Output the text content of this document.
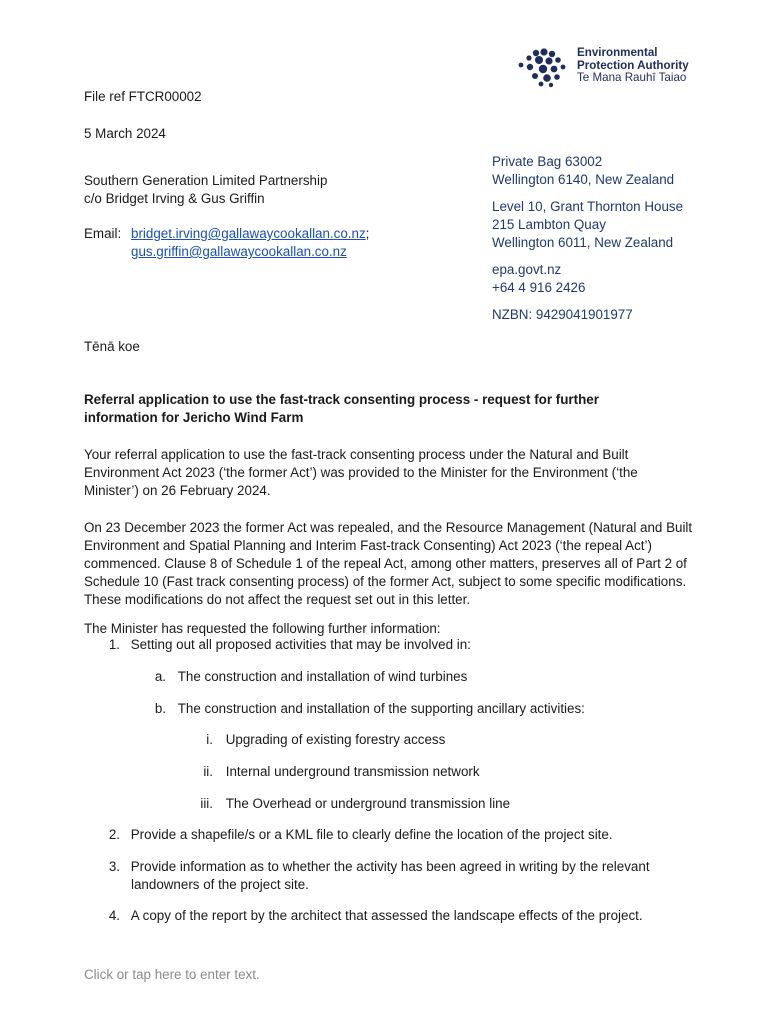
Environmental
Protection Authority
Te Mana Rauhī Taiao
File ref FTCR00002
5 March 2024
Private Bag 63002
Wellington 6140, New Zealand
Level 10, Grant Thornton House
215 Lambton Quay
Wellington 6011, New Zealand
epa.govt.nz
+64 4 916 2426
NZBN: 9429041901977
Southern Generation Limited Partnership
c/o Bridget Irving & Gus Griffin
Email: bridget.irving@gallawaycookallan.co.nz;
gus.griffin@gallawaycookallan.co.nz
Tēnā koe
Referral application to use the fast-track consenting process - request for further information for Jericho Wind Farm

Your referral application to use the fast-track consenting process under the Natural and Built Environment Act 2023 (‘the former Act’) was provided to the Minister for the Environment (‘the Minister’) on 26 February 2024.

On 23 December 2023 the former Act was repealed, and the Resource Management (Natural and Built Environment and Spatial Planning and Interim Fast-track Consenting) Act 2023 (‘the repeal Act’) commenced. Clause 8 of Schedule 1 of the repeal Act, among other matters, preserves all of Part 2 of Schedule 10 (Fast track consenting process) of the former Act, subject to some specific modifications. These modifications do not affect the request set out in this letter.

The Minister has requested the following further information:
1. Setting out all proposed activities that may be involved in:
a. The construction and installation of wind turbines
b. The construction and installation of the supporting ancillary activities:
i. Upgrading of existing forestry access
ii. Internal underground transmission network
iii. The Overhead or underground transmission line
2. Provide a shapefile/s or a KML file to clearly define the location of the project site.
3. Provide information as to whether the activity has been agreed in writing by the relevant
landowners of the project site.
4. A copy of the report by the architect that assessed the landscape effects of the project.
Click or tap here to enter text.
